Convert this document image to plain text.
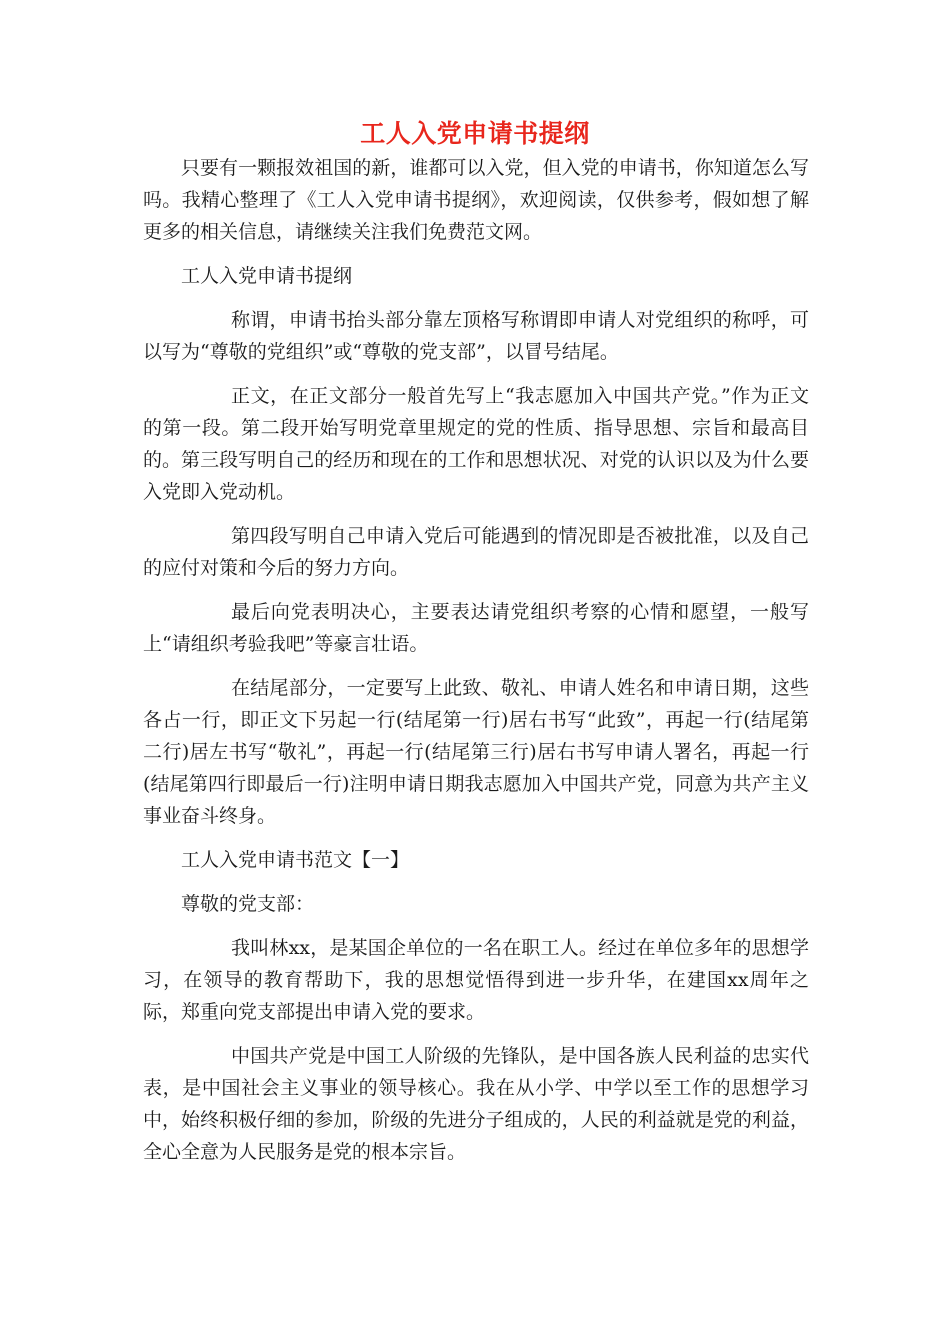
工人入党申请书提纲

只要有一颗报效祖国的新，谁都可以入党，但入党的申请书，你知道怎么写吗。我精心整理了《工人入党申请书提纲》，欢迎阅读，仅供参考，假如想了解更多的相关信息，请继续关注我们免费范文网。

工人入党申请书提纲

称谓，申请书抬头部分靠左顶格写称谓即申请人对党组织的称呼，可以写为“尊敬的党组织”或“尊敬的党支部”，以冒号结尾。

正文，在正文部分一般首先写上“我志愿加入中国共产党。”作为正文的第一段。第二段开始写明党章里规定的党的性质、指导思想、宗旨和最高目的。第三段写明自己的经历和现在的工作和思想状况、对党的认识以及为什么要入党即入党动机。

第四段写明自己申请入党后可能遇到的情况即是否被批准，以及自己的应付对策和今后的努力方向。

最后向党表明决心，主要表达请党组织考察的心情和愿望，一般写上“请组织考验我吧”等豪言壮语。

在结尾部分，一定要写上此致、敬礼、申请人姓名和申请日期，这些各占一行，即正文下另起一行(结尾第一行)居右书写“此致”，再起一行(结尾第二行)居左书写“敬礼”，再起一行(结尾第三行)居右书写申请人署名，再起一行(结尾第四行即最后一行)注明申请日期我志愿加入中国共产党，同意为共产主义事业奋斗终身。

工人入党申请书范文【一】

尊敬的党支部：

我叫林xx，是某国企单位的一名在职工人。经过在单位多年的思想学习，在领导的教育帮助下，我的思想觉悟得到进一步升华，在建国xx周年之际，郑重向党支部提出申请入党的要求。

中国共产党是中国工人阶级的先锋队，是中国各族人民利益的忠实代表，是中国社会主义事业的领导核心。我在从小学、中学以至工作的思想学习中，始终积极仔细的参加，阶级的先进分子组成的，人民的利益就是党的利益，全心全意为人民服务是党的根本宗旨。
